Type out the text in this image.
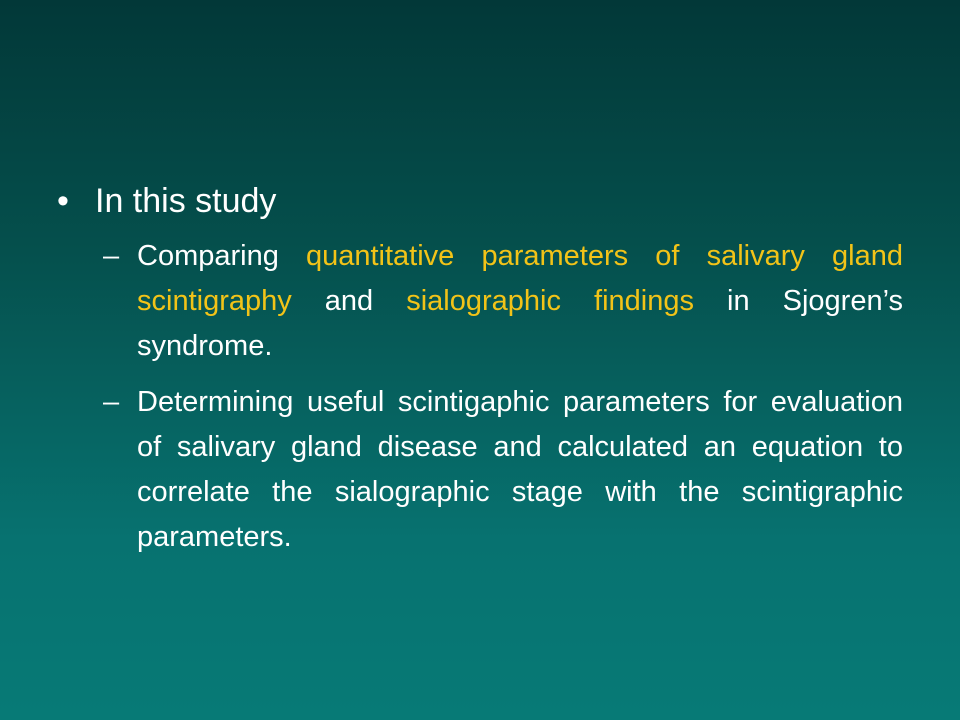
• In this study
– Comparing quantitative parameters of salivary gland scintigraphy and sialographic findings in Sjogren’s syndrome.
– Determining useful scintigaphic parameters for evaluation of salivary gland disease and calculated an equation to correlate the sialographic stage with the scintigraphic parameters.
